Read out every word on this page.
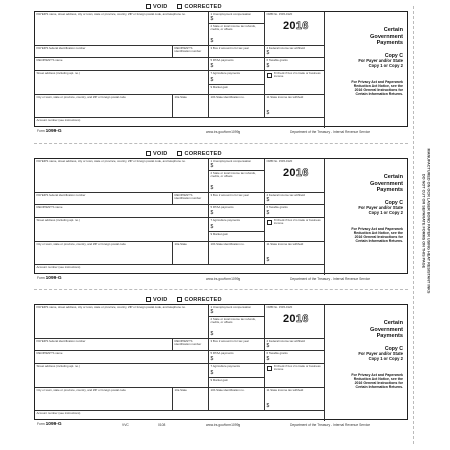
MANUFACTURED ON OCR LASER BOND PAPER USING HEAT RESISTANT INKS
DO NOT CUT OR SEPARATE FORMS ON THIS PAGE
VOID	CORRECTED
PAYER'S name, street address, city or town, state or province, country, ZIP or foreign postal code, and telephone no.	1 Unemployment compensation
$
OMB No. 1545-0120
2016
2 State or local income tax refunds, credits, or offsets
$
PAYER'S federal identification number	RECIPIENT'S identification number
3 Box 2 amount is for tax year	4 Federal income tax withheld
$
RECIPIENT'S name	5 RTAA payments
$
6 Taxable grants
$
Street address (including apt. no.)	7 Agriculture payments
$
8 Check if box 2 is trade or business income
9 Market gain
City or town, state or province, country, and ZIP or foreign postal code	10a State	10b State identification no.	11 State income tax withheld
$
Account number (see instructions)
Certain
Government
Payments
Copy C
For Payer and/or State Copy 1 or Copy 2
For Privacy Act and Paperwork Reduction Act Notice, see the 2016 General Instructions for Certain Information Returns.
Form 1099-G	www.irs.gov/form1099g	Department of the Treasury - Internal Revenue Service
VOID	CORRECTED
PAYER'S name, street address, city or town, state or province, country, ZIP or foreign postal code, and telephone no.	1 Unemployment compensation
$
OMB No. 1545-0120
2016
2 State or local income tax refunds, credits, or offsets
$
PAYER'S federal identification number	RECIPIENT'S identification number
3 Box 2 amount is for tax year	4 Federal income tax withheld
$
RECIPIENT'S name	5 RTAA payments
$
6 Taxable grants
$
Street address (including apt. no.)	7 Agriculture payments
$
8 Check if box 2 is trade or business income
9 Market gain
City or town, state or province, country, and ZIP or foreign postal code	10a State	10b State identification no.	11 State income tax withheld
$
Account number (see instructions)
Certain
Government
Payments
Copy C
For Payer and/or State Copy 1 or Copy 2
For Privacy Act and Paperwork Reduction Act Notice, see the 2016 General Instructions for Certain Information Returns.
Form 1099-G	www.irs.gov/form1099g	Department of the Treasury - Internal Revenue Service
VOID	CORRECTED
PAYER'S name, street address, city or town, state or province, country, ZIP or foreign postal code, and telephone no.	1 Unemployment compensation
$
OMB No. 1545-0120
2016
2 State or local income tax refunds, credits, or offsets
$
PAYER'S federal identification number	RECIPIENT'S identification number
3 Box 2 amount is for tax year	4 Federal income tax withheld
$
RECIPIENT'S name	5 RTAA payments
$
6 Taxable grants
$
Street address (including apt. no.)	7 Agriculture payments
$
8 Check if box 2 is trade or business income
9 Market gain
City or town, state or province, country, and ZIP or foreign postal code	10a State	10b State identification no.	11 State income tax withheld
$
Account number (see instructions)
Certain
Government
Payments
Copy C
For Payer and/or State Copy 1 or Copy 2
For Privacy Act and Paperwork Reduction Act Notice, see the 2016 General Instructions for Certain Information Returns.
Form 1099-G	VVC	0108	www.irs.gov/form1099g	Department of the Treasury - Internal Revenue Service
